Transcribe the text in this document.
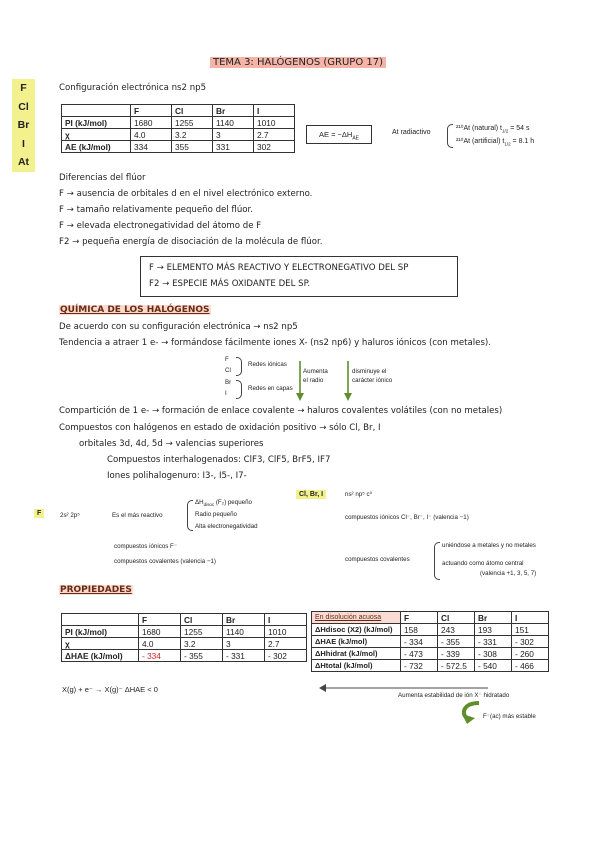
TEMA 3: HALÓGENOS (GRUPO 17)
F
Cl
Br
I
At
Configuración electrónica ns2 np5
	F	Cl	Br	I
PI (kJ/mol)	1680	1255	1140	1010
χ	4.0	3.2	3	2.7
AE (kJ/mol)	334	355	331	302
AE = $-\Delta H_{AE}$
At radiactivo
²¹⁰At (natural) $t_{1/2} = 54$ s
²¹⁰At (artificial) $t_{1/2} = 8.1$ h
Diferencias del flúor
F → ausencia de orbitales d en el nivel electrónico externo.
F → tamaño relativamente pequeño del flúor.
F → elevada electronegatividad del átomo de F
F2 → pequeña energía de disociación de la molécula de flúor.
F → ELEMENTO MÁS REACTIVO Y ELECTRONEGATIVO DEL SP
F2 → ESPECIE MÁS OXIDANTE DEL SP.
QUÍMICA DE LOS HALÓGENOS
De acuerdo con su configuración electrónica → ns2 np5
Tendencia a atraer 1 e- → formándose fácilmente iones X- (ns2 np6) y haluros iónicos (con metales).
F
Cl
Br
I
Redes iónicas
Redes en capas
Aumenta
el radio
disminuye el
carácter iónico
Compartición de 1 e- → formación de enlace covalente → haluros covalentes volátiles (con no metales)
Compuestos con halógenos en estado de oxidación positivo → sólo Cl, Br, I
orbitales 3d, 4d, 5d → valencias superiores
Compuestos interhalogenados: ClF3, ClF5, BrF5, IF7
Iones polihalogenuro: I3-, I5-, I7-
F	2s² 2p⁵	Es el más reactivo
$\Delta H_{disoc}$ (F₂) pequeño
Radio pequeño
Alta electronegatividad
compuestos iónicos F⁻
compuestos covalentes (valencia −1)
Cl, Br, I	ns² np⁵ c⁰
compuestos iónicos Cl⁻, Br⁻, I⁻ (valencia −1)
compuestos covalentes
uniéndose a metales y no metales
actuando como átomo central
(valencia +1, 3, 5, 7)
PROPIEDADES
	F	Cl	Br	I
PI (kJ/mol)	1680	1255	1140	1010
χ	4.0	3.2	3	2.7
ΔHAE (kJ/mol)	- 334	- 355	- 331	- 302
En disolución acuosa	F	Cl	Br	I
ΔHdisoc (X2) (kJ/mol)	158	243	193	151
ΔHAE (kJ/mol)	- 334	- 355	- 331	- 302
ΔHhidrat (kJ/mol)	- 473	- 339	- 308	- 260
ΔHtotal (kJ/mol)	- 732	- 572.5	- 540	- 466
Aumenta estabilidad de ión X⁻ hidratado
F⁻(ac) más estable
X(g) + e⁻ → X(g)⁻ ΔHAE < 0
